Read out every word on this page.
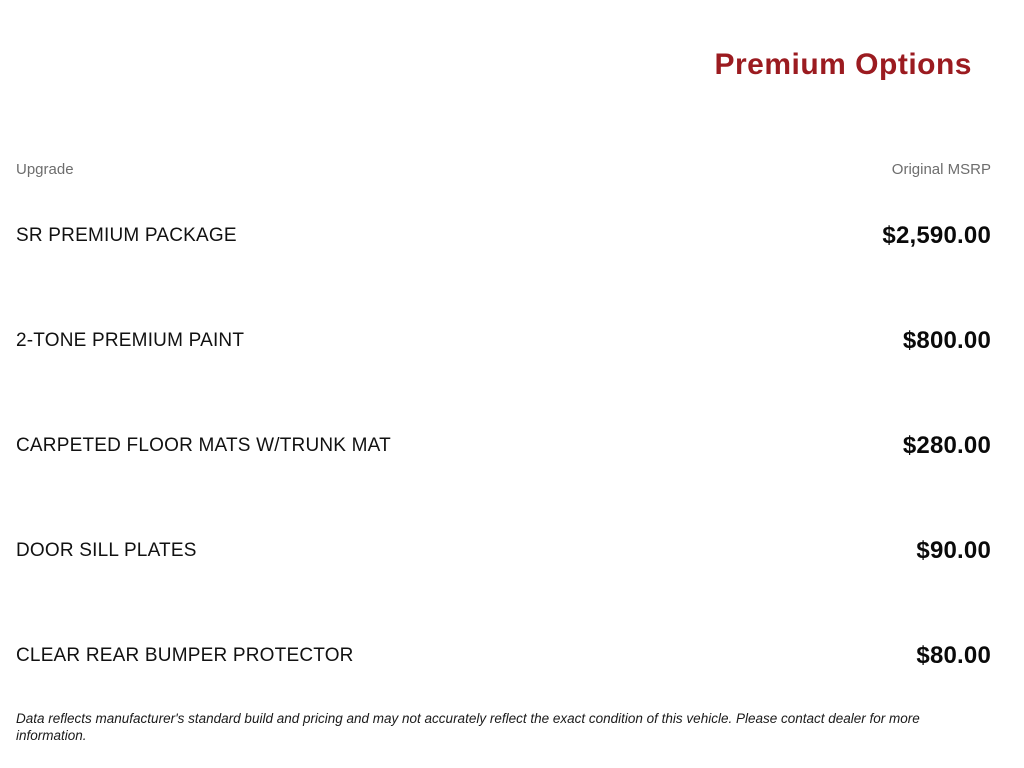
Premium Options
Upgrade	Original MSRP
SR PREMIUM PACKAGE	$2,590.00
2-TONE PREMIUM PAINT	$800.00
CARPETED FLOOR MATS W/TRUNK MAT	$280.00
DOOR SILL PLATES	$90.00
CLEAR REAR BUMPER PROTECTOR	$80.00
Data reflects manufacturer's standard build and pricing and may not accurately reflect the exact condition of this vehicle. Please contact dealer for more information.
